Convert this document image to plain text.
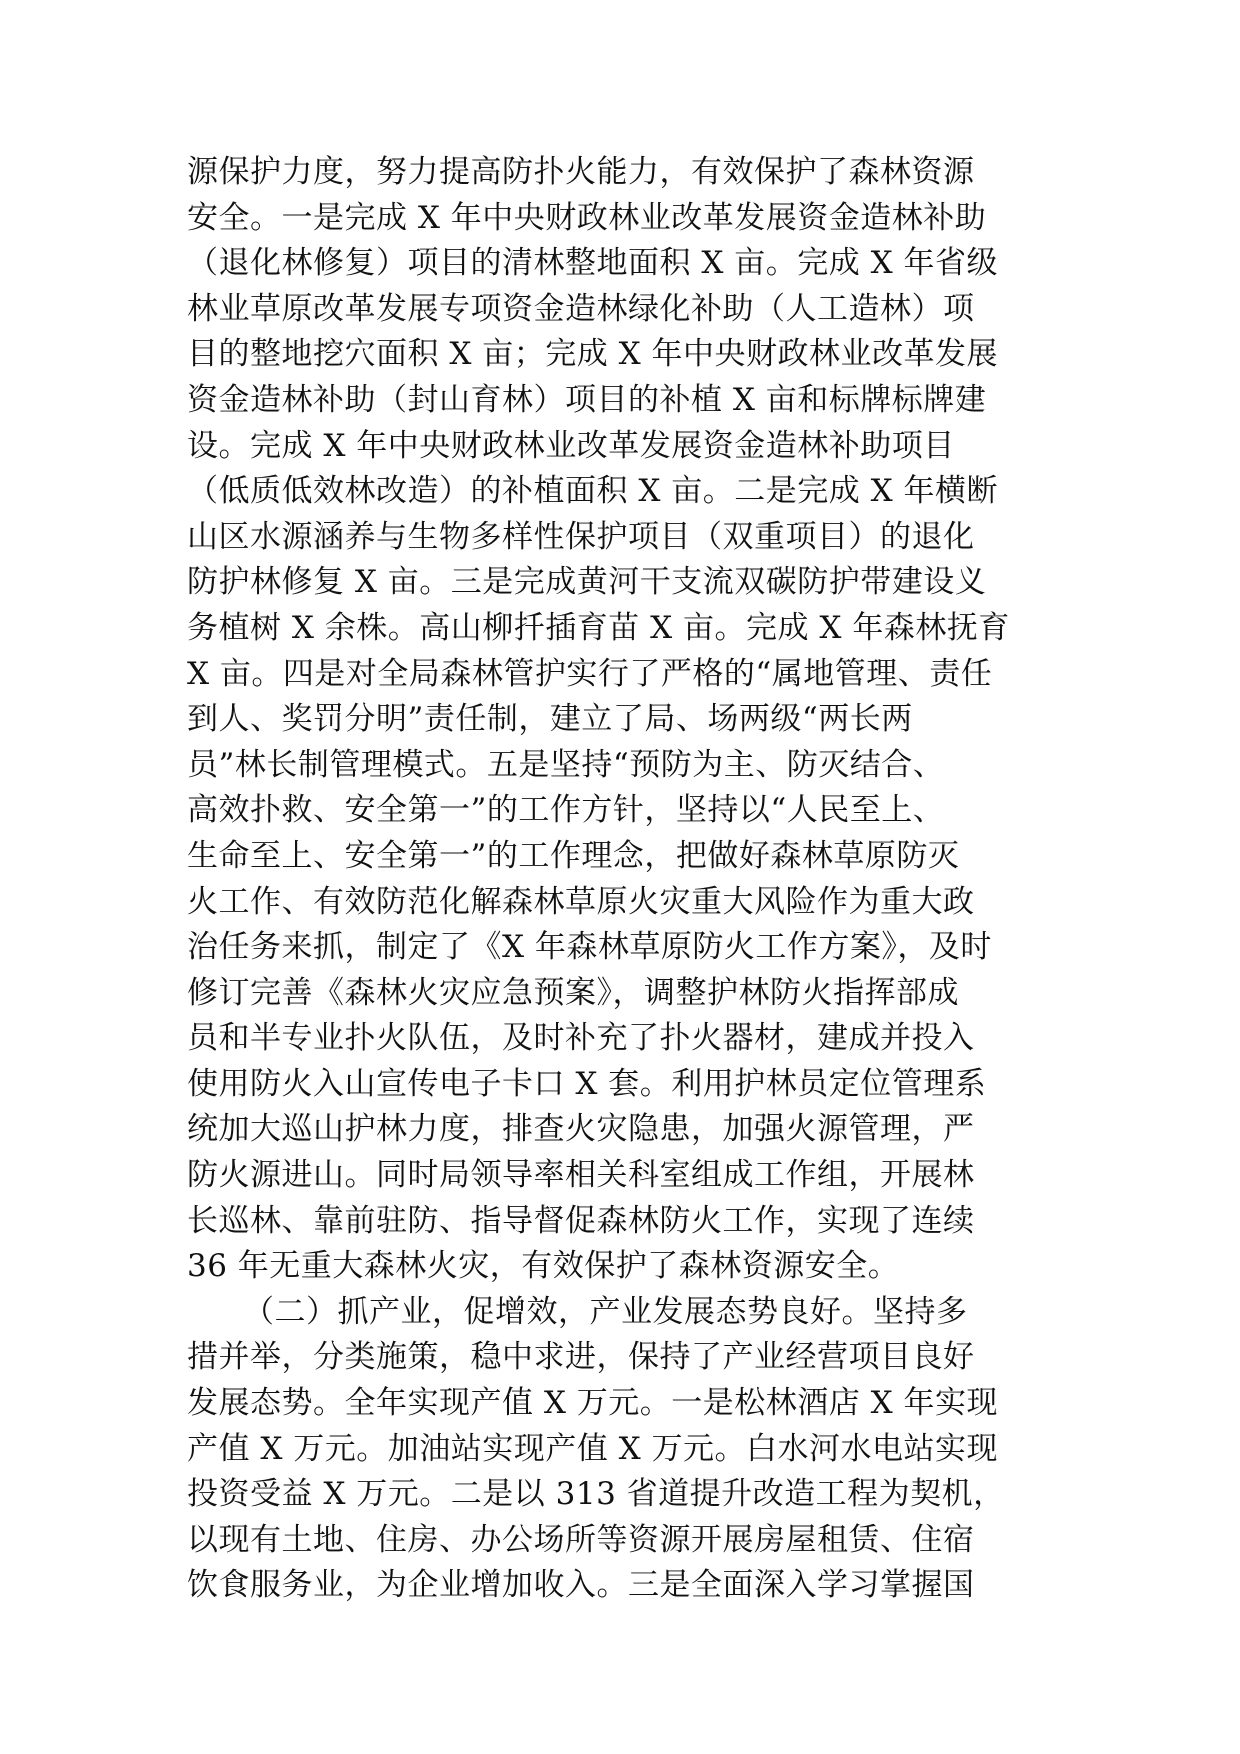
源保护力度，努力提高防扑火能力，有效保护了森林资源
安全。一是完成 X 年中央财政林业改革发展资金造林补助
（退化林修复）项目的清林整地面积 X 亩。完成 X 年省级
林业草原改革发展专项资金造林绿化补助（人工造林）项
目的整地挖穴面积 X 亩；完成 X 年中央财政林业改革发展
资金造林补助（封山育林）项目的补植 X 亩和标牌标牌建
设。完成 X 年中央财政林业改革发展资金造林补助项目
（低质低效林改造）的补植面积 X 亩。二是完成 X 年横断
山区水源涵养与生物多样性保护项目（双重项目）的退化
防护林修复 X 亩。三是完成黄河干支流双碳防护带建设义
务植树 X 余株。高山柳扦插育苗 X 亩。完成 X 年森林抚育
X 亩。四是对全局森林管护实行了严格的“属地管理、责任
到人、奖罚分明”责任制，建立了局、场两级“两长两
员”林长制管理模式。五是坚持“预防为主、防灭结合、
高效扑救、安全第一”的工作方针，坚持以“人民至上、
生命至上、安全第一”的工作理念，把做好森林草原防灭
火工作、有效防范化解森林草原火灾重大风险作为重大政
治任务来抓，制定了《X 年森林草原防火工作方案》，及时
修订完善《森林火灾应急预案》，调整护林防火指挥部成
员和半专业扑火队伍，及时补充了扑火器材，建成并投入
使用防火入山宣传电子卡口 X 套。利用护林员定位管理系
统加大巡山护林力度，排查火灾隐患，加强火源管理，严
防火源进山。同时局领导率相关科室组成工作组，开展林
长巡林、靠前驻防、指导督促森林防火工作，实现了连续
36 年无重大森林火灾，有效保护了森林资源安全。
（二）抓产业，促增效，产业发展态势良好。坚持多
措并举，分类施策，稳中求进，保持了产业经营项目良好
发展态势。全年实现产值 X 万元。一是松林酒店 X 年实现
产值 X 万元。加油站实现产值 X 万元。白水河水电站实现
投资受益 X 万元。二是以 313 省道提升改造工程为契机，
以现有土地、住房、办公场所等资源开展房屋租赁、住宿
饮食服务业，为企业增加收入。三是全面深入学习掌握国
